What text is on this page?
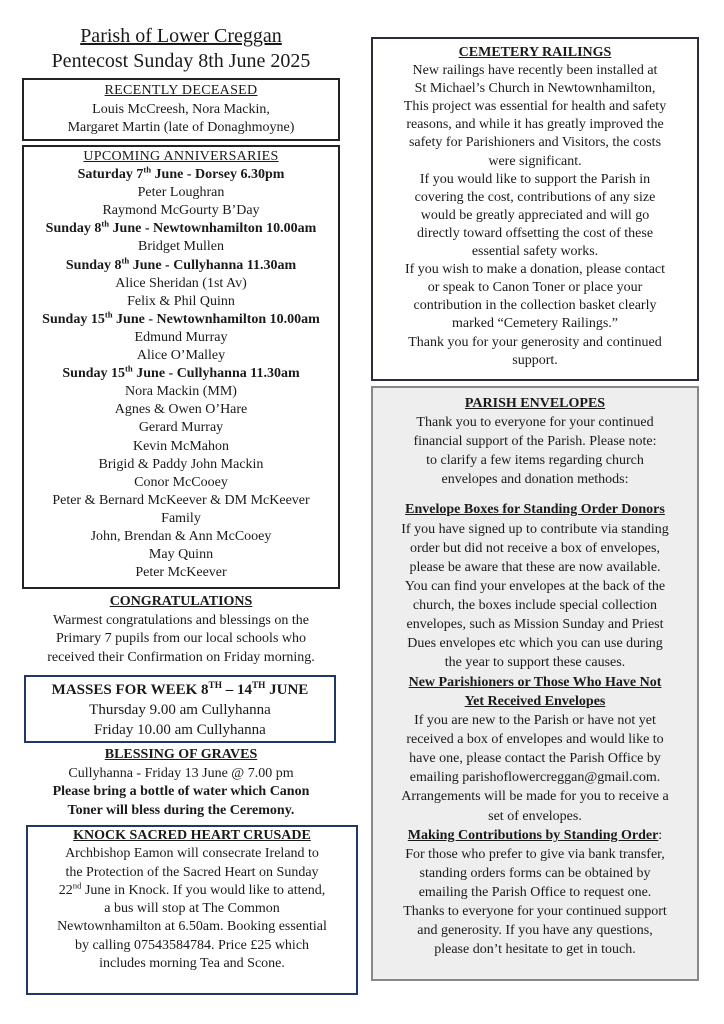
Parish of Lower Creggan
Pentecost Sunday 8th June 2025
RECENTLY DECEASED
Louis McCreesh, Nora Mackin,
Margaret Martin (late of Donaghmoyne)
UPCOMING ANNIVERSARIES
Saturday 7th June - Dorsey 6.30pm
Peter Loughran
Raymond McGourty B’Day
Sunday 8th June - Newtownhamilton 10.00am
Bridget Mullen
Sunday 8th June - Cullyhanna 11.30am
Alice Sheridan (1st Av)
Felix & Phil Quinn
Sunday 15th June - Newtownhamilton 10.00am
Edmund Murray
Alice O’Malley
Sunday 15th June - Cullyhanna 11.30am
Nora Mackin (MM)
Agnes & Owen O’Hare
Gerard Murray
Kevin McMahon
Brigid & Paddy John Mackin
Conor McCooey
Peter & Bernard McKeever & DM McKeever
Family
John, Brendan & Ann McCooey
May Quinn
Peter McKeever
CONGRATULATIONS
Warmest congratulations and blessings on the
Primary 7 pupils from our local schools who
received their Confirmation on Friday morning.
MASSES FOR WEEK 8TH – 14TH JUNE
Thursday 9.00 am Cullyhanna
Friday 10.00 am Cullyhanna
BLESSING OF GRAVES
Cullyhanna - Friday 13 June @ 7.00 pm
Please bring a bottle of water which Canon
Toner will bless during the Ceremony.
KNOCK SACRED HEART CRUSADE
Archbishop Eamon will consecrate Ireland to
the Protection of the Sacred Heart on Sunday
22nd June in Knock. If you would like to attend,
a bus will stop at The Common
Newtownhamilton at 6.50am. Booking essential
by calling 07543584784. Price £25 which
includes morning Tea and Scone.
CEMETERY RAILINGS
New railings have recently been installed at
St Michael’s Church in Newtownhamilton,
This project was essential for health and safety
reasons, and while it has greatly improved the
safety for Parishioners and Visitors, the costs
were significant.
If you would like to support the Parish in
covering the cost, contributions of any size
would be greatly appreciated and will go
directly toward offsetting the cost of these
essential safety works.
If you wish to make a donation, please contact
or speak to Canon Toner or place your
contribution in the collection basket clearly
marked “Cemetery Railings.”
Thank you for your generosity and continued
support.
PARISH ENVELOPES
Thank you to everyone for your continued
financial support of the Parish. Please note:
to clarify a few items regarding church
envelopes and donation methods:
Envelope Boxes for Standing Order Donors
If you have signed up to contribute via standing
order but did not receive a box of envelopes,
please be aware that these are now available.
You can find your envelopes at the back of the
church, the boxes include special collection
envelopes, such as Mission Sunday and Priest
Dues envelopes etc which you can use during
the year to support these causes.
New Parishioners or Those Who Have Not
Yet Received Envelopes
If you are new to the Parish or have not yet
received a box of envelopes and would like to
have one, please contact the Parish Office by
emailing parishoflowercreggan@gmail.com.
Arrangements will be made for you to receive a
set of envelopes.
Making Contributions by Standing Order:
For those who prefer to give via bank transfer,
standing orders forms can be obtained by
emailing the Parish Office to request one.
Thanks to everyone for your continued support
and generosity. If you have any questions,
please don’t hesitate to get in touch.
